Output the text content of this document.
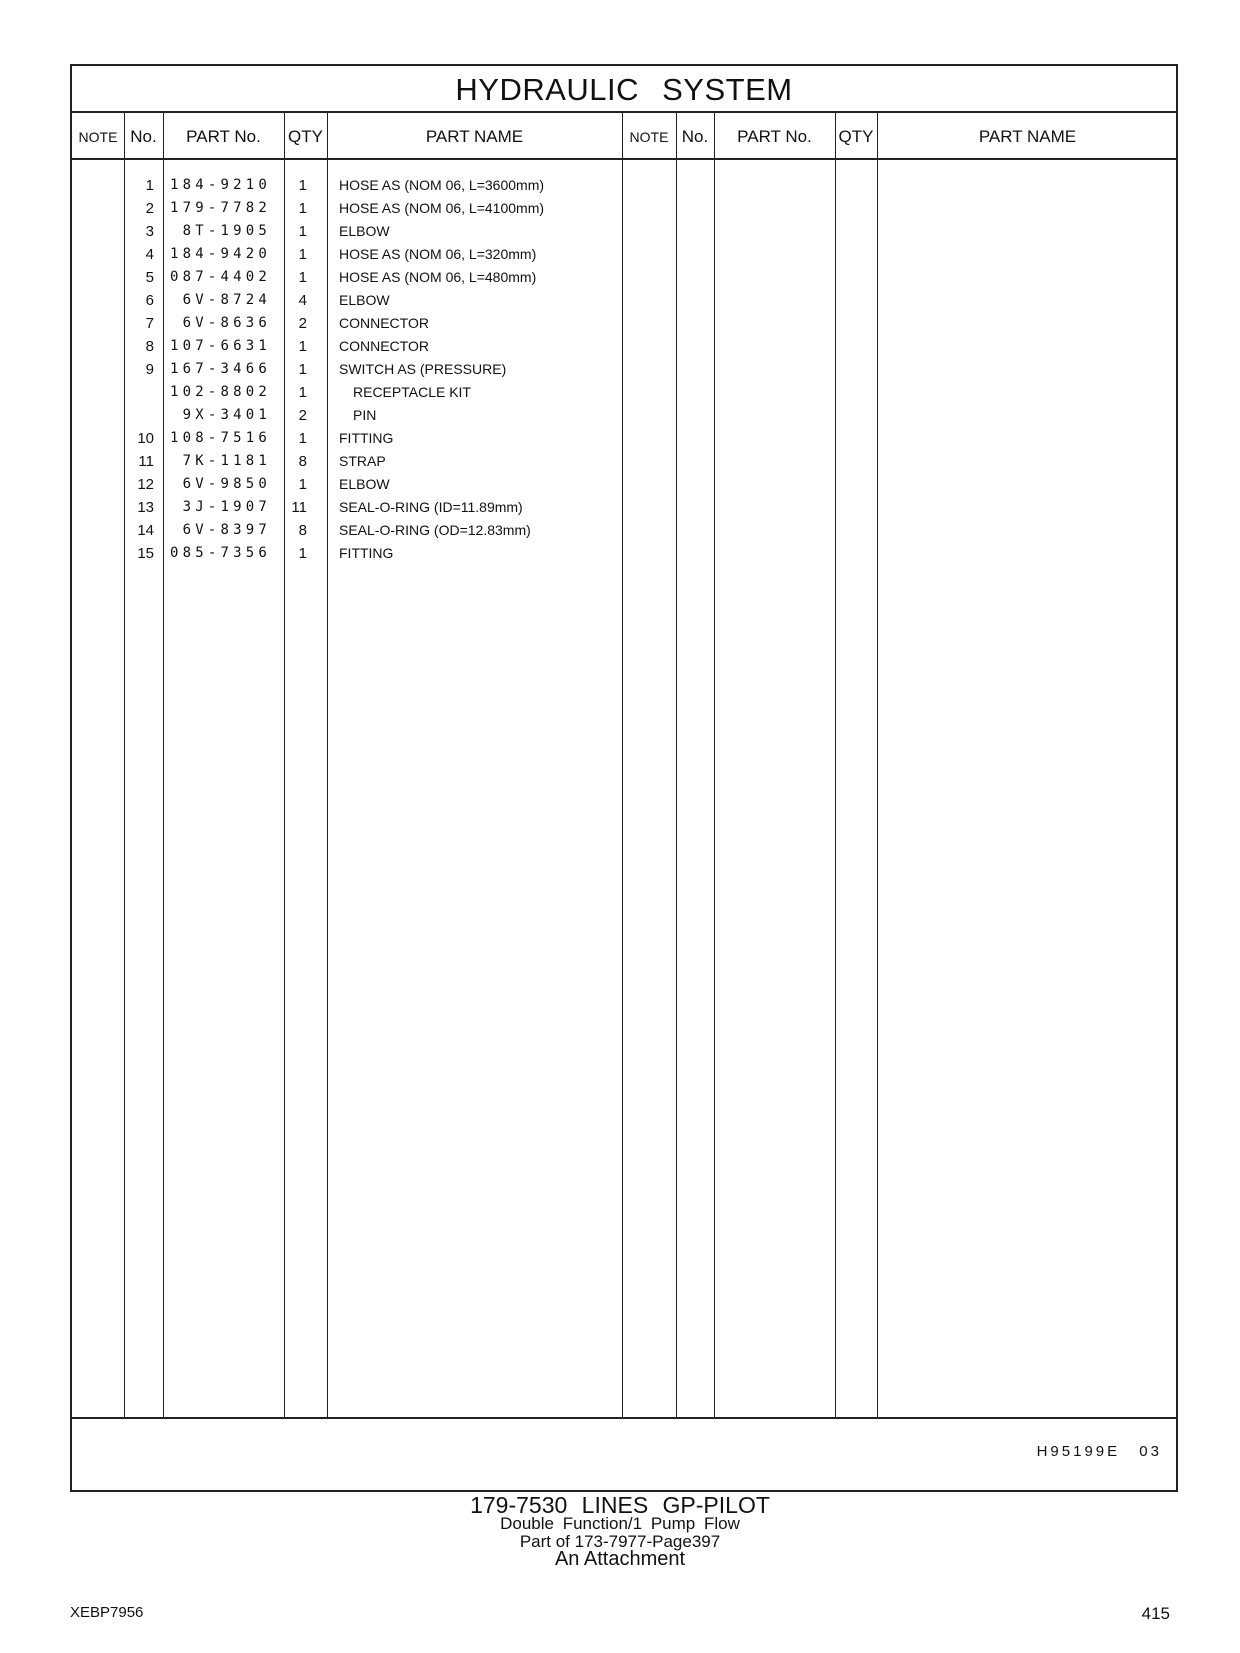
HYDRAULIC SYSTEM
NOTE No.	PART No.	QTY	PART NAME	NOTE No.	PART No.	QTY	PART NAME
1 184-9210	1 HOSE AS (NOM 06, L=3600mm)
2 179-7782	1 HOSE AS (NOM 06, L=4100mm)
3	8T-1905	1 ELBOW
4 184-9420	1 HOSE AS (NOM 06, L=320mm)
5 087-4402	1 HOSE AS (NOM 06, L=480mm)
6	6V-8724	4 ELBOW
7	6V-8636	2 CONNECTOR
8 107-6631	1 CONNECTOR
9 167-3466	1 SWITCH AS (PRESSURE)
102-8802	1	RECEPTACLE KIT
9X-3401	2	PIN
10 108-7516	1 FITTING
11	7K-1181	8 STRAP
12	6V-9850	1 ELBOW
13	3J-1907	11 SEAL-O-RING (ID=11.89mm)
14	6V-8397	8 SEAL-O-RING (OD=12.83mm)
15 085-7356	1 FITTING
H95199E 03
179-7530 LINES GP-PILOT
Double Function/1 Pump Flow
Part of 173-7977-Page397
An Attachment
XEBP7956	415
